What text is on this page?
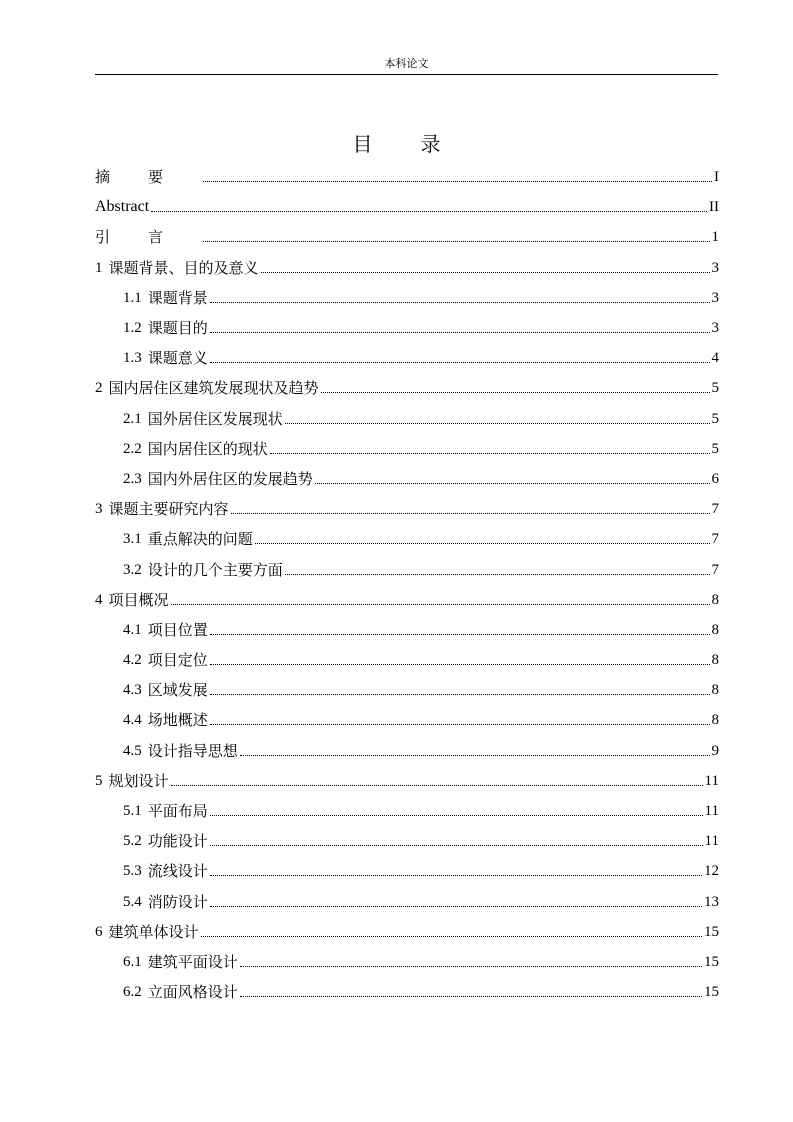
本科论文
目录
摘要	I
Abstract	II
引言	1
1 课题背景、目的及意义	3
1.1 课题背景	3
1.2 课题目的	3
1.3 课题意义	4
2 国内居住区建筑发展现状及趋势	5
2.1 国外居住区发展现状	5
2.2 国内居住区的现状	5
2.3 国内外居住区的发展趋势	6
3 课题主要研究内容	7
3.1 重点解决的问题	7
3.2 设计的几个主要方面	7
4 项目概况	8
4.1 项目位置	8
4.2 项目定位	8
4.3 区域发展	8
4.4 场地概述	8
4.5 设计指导思想	9
5 规划设计	11
5.1 平面布局	11
5.2 功能设计	11
5.3 流线设计	12
5.4 消防设计	13
6 建筑单体设计	15
6.1 建筑平面设计	15
6.2 立面风格设计	15
